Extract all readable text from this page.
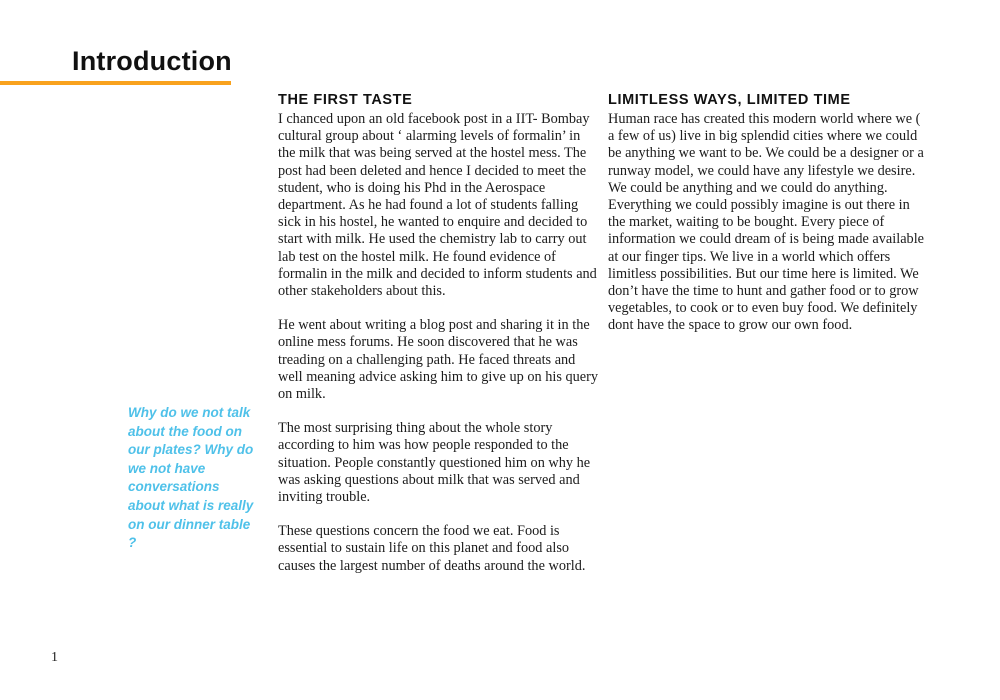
Introduction
Why do we not talk about the food on our plates? Why do we not have conversations about what is really on our dinner table ?
THE FIRST TASTE

I chanced upon an old facebook post in a IIT- Bombay cultural group about ‘ alarming levels of formalin’ in the milk that was being served at the hostel mess. The post had been deleted and hence I decided to meet the student, who is doing his Phd in the Aerospace department. As he had found a lot of students falling sick in his hostel, he wanted to enquire and decided to start with milk. He used the chemistry lab to carry out lab test on the hostel milk. He found evidence of formalin in the milk and decided to inform students and other stakeholders about this.

He went about writing a blog post and sharing it in the online mess forums. He soon discovered that he was treading on a challenging path. He faced threats and well meaning advice asking him to give up on his query on milk.

The most surprising thing about the whole story according to him was how people responded to the situation. People constantly questioned him on why he was asking questions about milk that was served and inviting trouble.

These questions concern the food we eat. Food is essential to sustain life on this planet and food also causes the largest number of deaths around the world.

LIMITLESS WAYS, LIMITED TIME

Human race has created this modern world where we ( a few of us) live in big splendid cities where we could be anything we want to be. We could be a designer or a runway model, we could have any lifestyle we desire. We could be anything and we could do anything. Everything we could possibly imagine is out there in the market, waiting to be bought. Every piece of information we could dream of is being made available at our finger tips. We live in a world which offers limitless possibilities. But our time here is limited. We don’t have the time to hunt and gather food or to grow vegetables, to cook or to even buy food. We definitely dont have the space to grow our own food.

1
